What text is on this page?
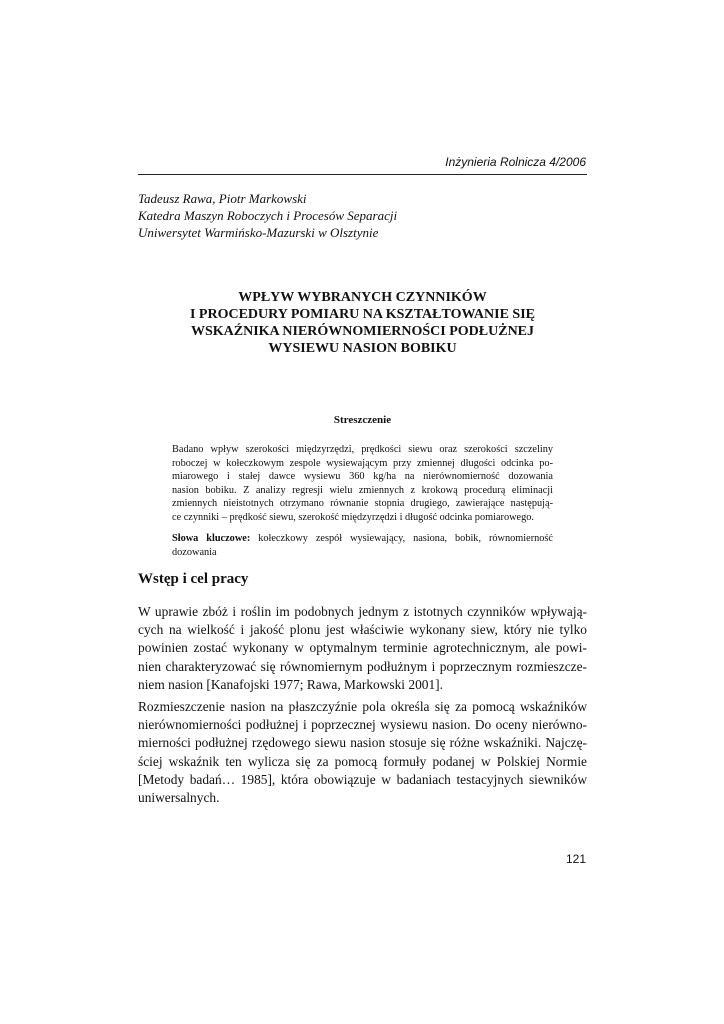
Inżynieria Rolnicza 4/2006
Tadeusz Rawa, Piotr Markowski
Katedra Maszyn Roboczych i Procesów Separacji
Uniwersytet Warmińsko-Mazurski w Olsztynie
WPŁYW WYBRANYCH CZYNNIKÓW
I PROCEDURY POMIARU NA KSZTAŁTOWANIE SIĘ
WSKAŹNIKA NIERÓWNOMIERNOŚCI PODŁUŻNEJ
WYSIEWU NASION BOBIKU
Streszczenie
Badano wpływ szerokości międzyrzędzi, prędkości siewu oraz szerokości szczeliny
roboczej w kołeczkowym zespole wysiewającym przy zmiennej długości odcinka po-
miarowego i stałej dawce wysiewu 360 kg/ha na nierównomierność dozowania
nasion bobiku. Z analizy regresji wielu zmiennych z krokową procedurą eliminacji
zmiennych nieistotnych otrzymano równanie stopnia drugiego, zawierające następują-
ce czynniki – prędkość siewu, szerokość międzyrzędzi i długość odcinka pomiarowego.
Słowa kluczowe: kołeczkowy zespół wysiewający, nasiona, bobik, równomierność
dozowania
Wstęp i cel pracy
W uprawie zbóż i roślin im podobnych jednym z istotnych czynników wpływają-
cych na wielkość i jakość plonu jest właściwie wykonany siew, który nie tylko
powinien zostać wykonany w optymalnym terminie agrotechnicznym, ale powi-
nien charakteryzować się równomiernym podłużnym i poprzecznym rozmieszcze-
niem nasion [Kanafojski 1977; Rawa, Markowski 2001].
Rozmieszczenie nasion na płaszczyźnie pola określa się za pomocą wskaźników
nierównomierności podłużnej i poprzecznej wysiewu nasion. Do oceny nierówno-
mierności podłużnej rzędowego siewu nasion stosuje się różne wskaźniki. Najczę-
ściej wskaźnik ten wylicza się za pomocą formuły podanej w Polskiej Normie
[Metody badań… 1985], która obowiązuje w badaniach testacyjnych siewników
uniwersalnych.
121
